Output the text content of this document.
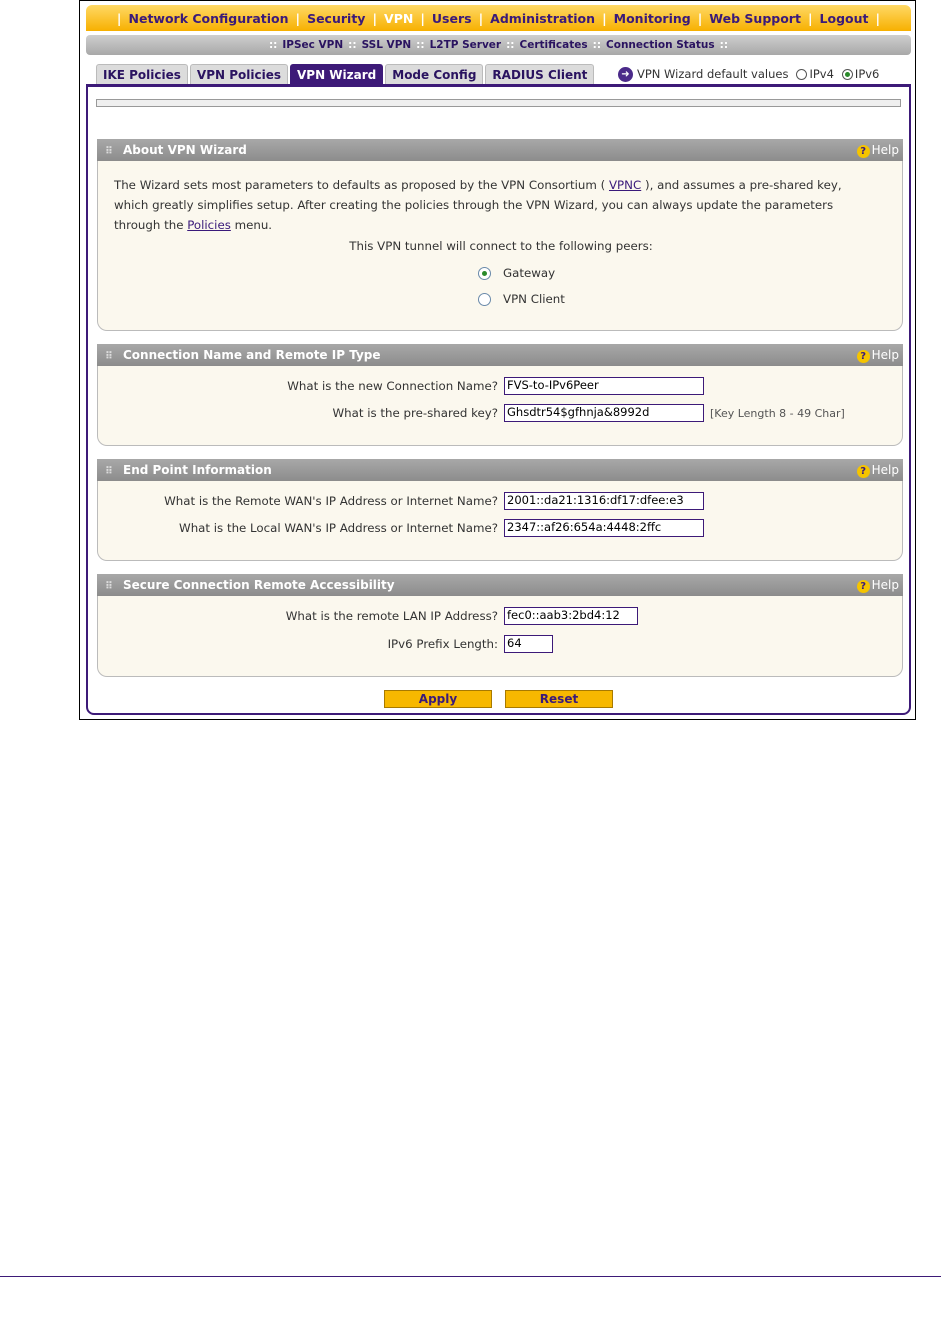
| Network Configuration | Security | VPN | Users | Administration | Monitoring | Web Support | Logout |
:: IPSec VPN :: SSL VPN :: L2TP Server :: Certificates :: Connection Status ::
IKE Policies	VPN Policies	VPN Wizard	Mode Config	RADIUS Client	➜ VPN Wizard default values IPv4 IPv6
⠿ About VPN Wizard	? Help
The Wizard sets most parameters to defaults as proposed by the VPN Consortium ( VPNC ), and assumes a pre-shared key, which greatly simplifies setup. After creating the policies through the VPN Wizard, you can always update the parameters through the Policies menu.
This VPN tunnel will connect to the following peers:
Gateway
VPN Client
⠿ Connection Name and Remote IP Type	? Help
What is the new Connection Name? FVS-to-IPv6Peer
What is the pre-shared key? Ghsdtr54$gfhnja&8992d	[Key Length 8 - 49 Char]
⠿ End Point Information	? Help
What is the Remote WAN's IP Address or Internet Name? 2001::da21:1316:df17:dfee:e3
What is the Local WAN's IP Address or Internet Name? 2347::af26:654a:4448:2ffc
⠿ Secure Connection Remote Accessibility	? Help
What is the remote LAN IP Address? fec0::aab3:2bd4:12
IPv6 Prefix Length: 64
Apply	Reset
